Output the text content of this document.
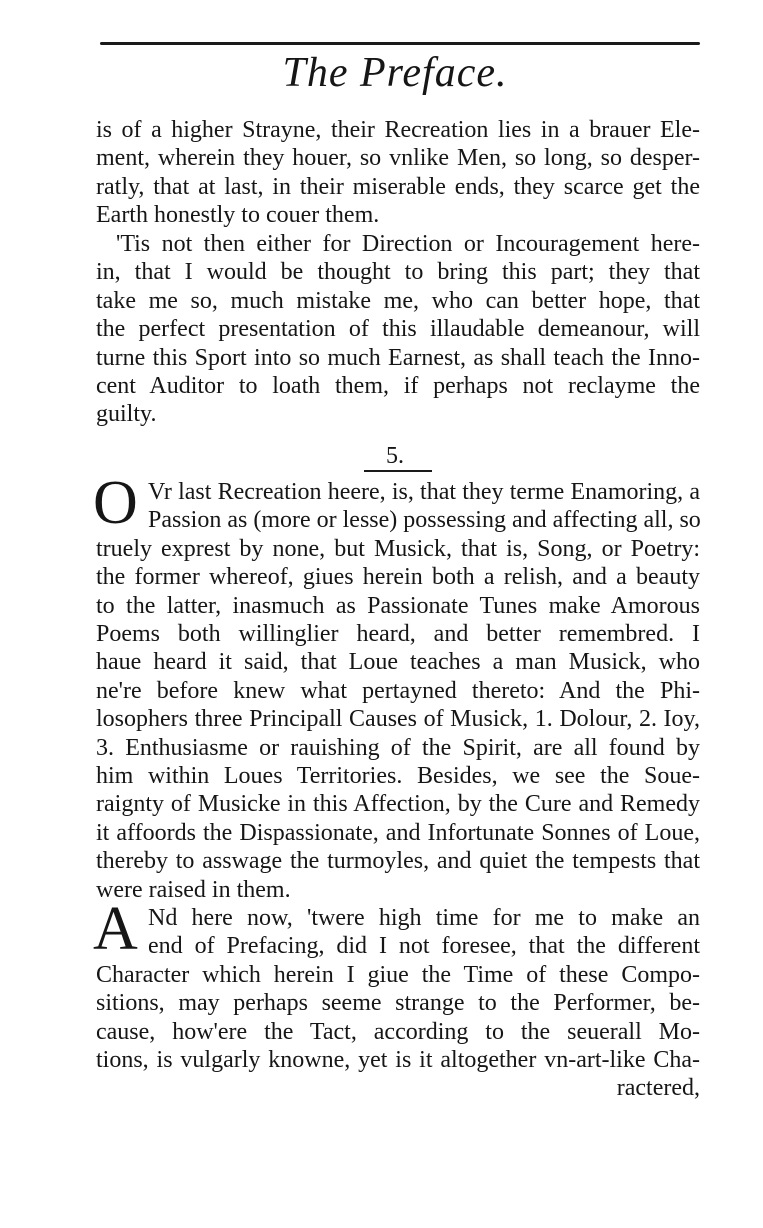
The Preface.
is of a higher Strayne, their Recreation lies in a brauer Ele-
ment, wherein they houer, so vnlike Men, so long, so desper-
ratly, that at last, in their miserable ends, they scarce get the
Earth honestly to couer them.
'Tis not then either for Direction or Incouragement here-
in, that I would be thought to bring this part; they that
take me so, much mistake me, who can better hope, that
the perfect presentation of this illaudable demeanour, will
turne this Sport into so much Earnest, as shall teach the Inno-
cent Auditor to loath them, if perhaps not reclayme the
guilty.
5.
O Vr last Recreation heere, is, that they terme Enamoring, a
Passion as (more or lesse) possessing and affecting all, so
truely exprest by none, but Musick, that is, Song, or Poetry:
the former whereof, giues herein both a relish, and a beauty
to the latter, inasmuch as Passionate Tunes make Amorous
Poems both willinglier heard, and better remembred. I
haue heard it said, that Loue teaches a man Musick, who
ne're before knew what pertayned thereto: And the Phi-
losophers three Principall Causes of Musick, 1. Dolour, 2. Ioy,
3. Enthusiasme or rauishing of the Spirit, are all found by
him within Loues Territories. Besides, we see the Soue-
raignty of Musicke in this Affection, by the Cure and Remedy
it affoords the Dispassionate, and Infortunate Sonnes of Loue,
thereby to asswage the turmoyles, and quiet the tempests that
were raised in them.
A Nd here now, 'twere high time for me to make an
end of Prefacing, did I not foresee, that the different
Character which herein I giue the Time of these Compo-
sitions, may perhaps seeme strange to the Performer, be-
cause, how'ere the Tact, according to the seuerall Mo-
tions, is vulgarly knowne, yet is it altogether vn-art-like Cha-
ractered,
